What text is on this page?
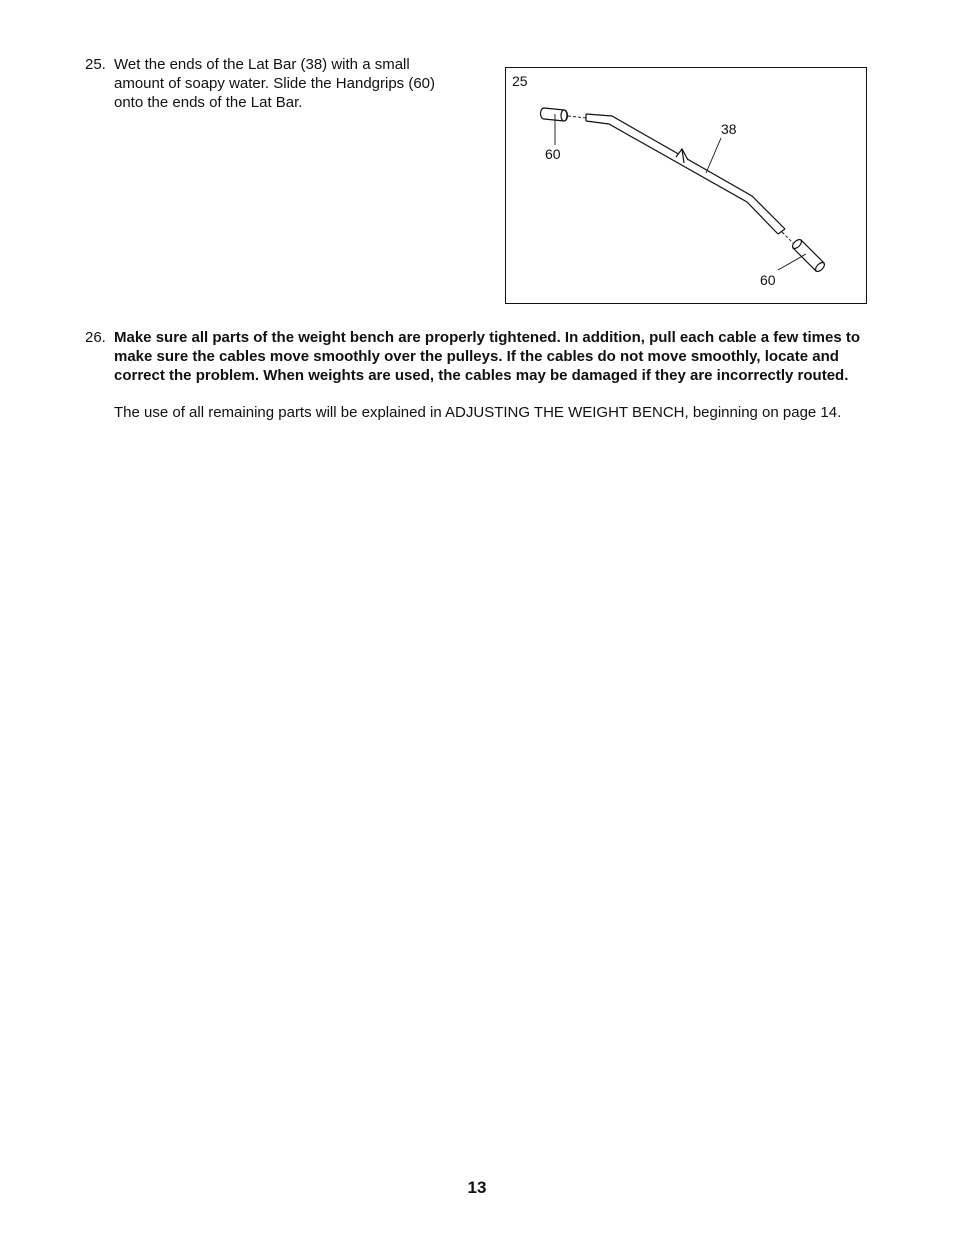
25. Wet the ends of the Lat Bar (38) with a small amount of soapy water. Slide the Handgrips (60) onto the ends of the Lat Bar.
25
60
38
60
26. Make sure all parts of the weight bench are properly tightened. In addition, pull each cable a few times to make sure the cables move smoothly over the pulleys. If the cables do not move smoothly, locate and correct the problem. When weights are used, the cables may be damaged if they are incorrectly routed.
The use of all remaining parts will be explained in ADJUSTING THE WEIGHT BENCH, beginning on page 14.
13
